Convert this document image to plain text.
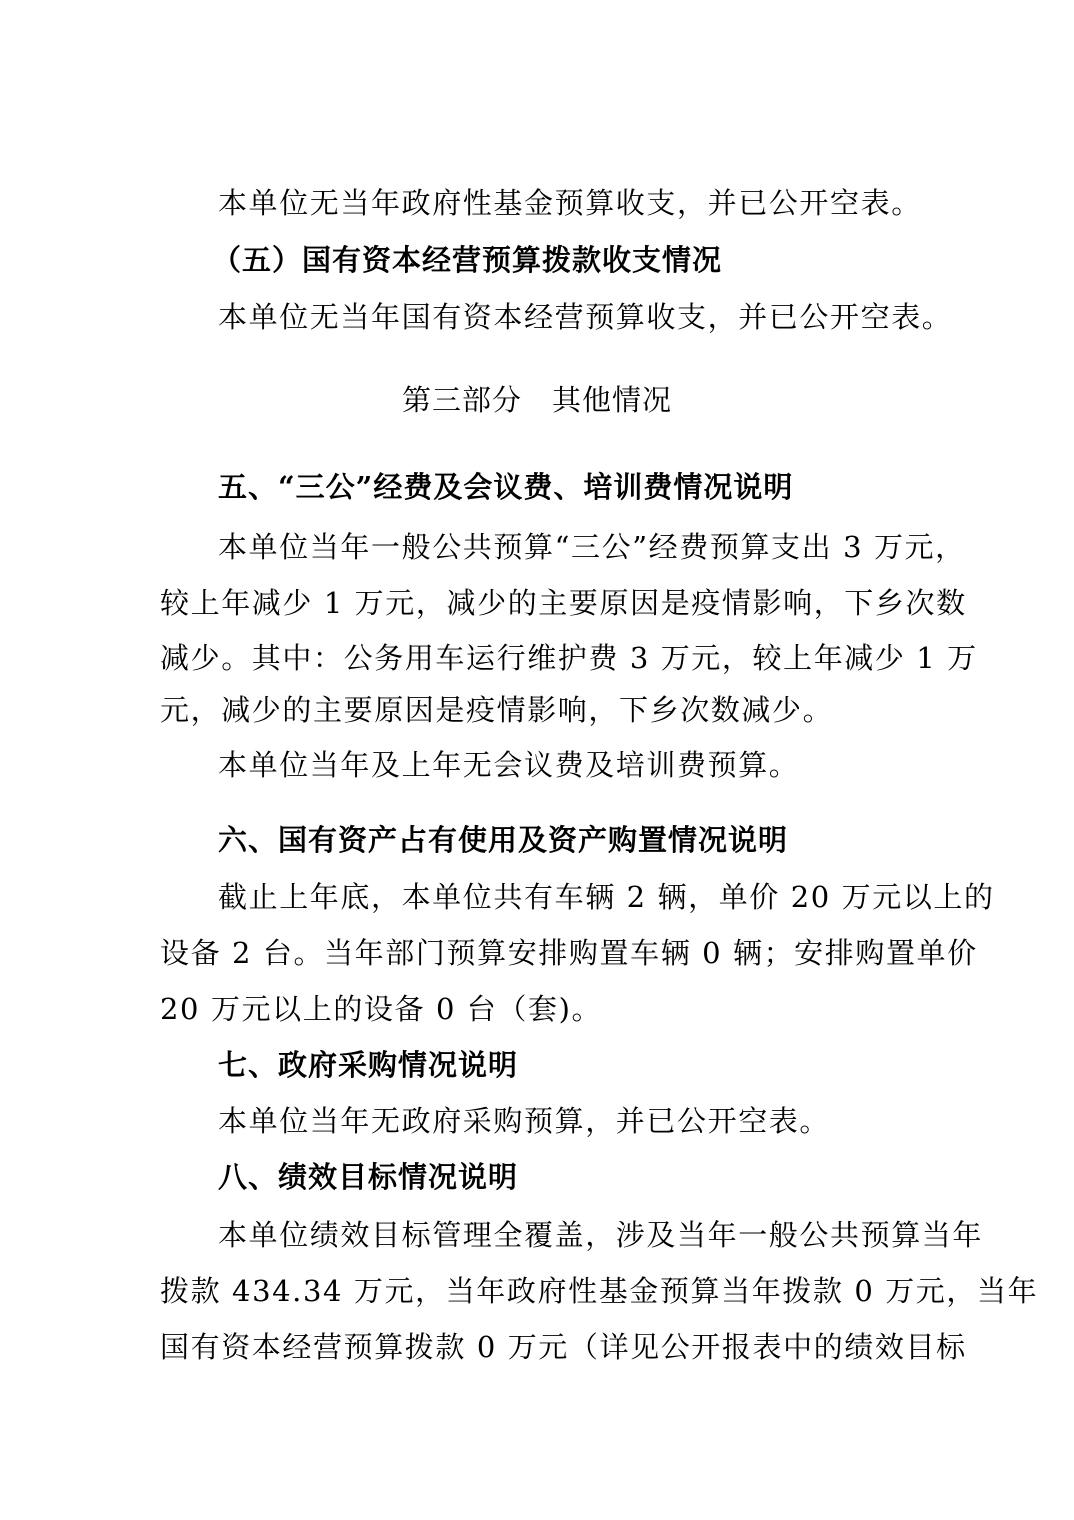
本单位无当年政府性基金预算收支，并已公开空表。
（五）国有资本经营预算拨款收支情况
本单位无当年国有资本经营预算收支，并已公开空表。
第三部分　其他情况
五、“三公”经费及会议费、培训费情况说明
本单位当年一般公共预算“三公”经费预算支出 3 万元，
较上年减少 1 万元，减少的主要原因是疫情影响，下乡次数
减少。其中：公务用车运行维护费 3 万元，较上年减少 1 万
元，减少的主要原因是疫情影响，下乡次数减少。
本单位当年及上年无会议费及培训费预算。
六、国有资产占有使用及资产购置情况说明
截止上年底，本单位共有车辆 2 辆，单价 20 万元以上的
设备 2 台。当年部门预算安排购置车辆 0 辆；安排购置单价
20 万元以上的设备 0 台（套)。
七、政府采购情况说明
本单位当年无政府采购预算，并已公开空表。
八、绩效目标情况说明
本单位绩效目标管理全覆盖，涉及当年一般公共预算当年
拨款 434.34 万元，当年政府性基金预算当年拨款 0 万元，当年
国有资本经营预算拨款 0 万元（详见公开报表中的绩效目标
